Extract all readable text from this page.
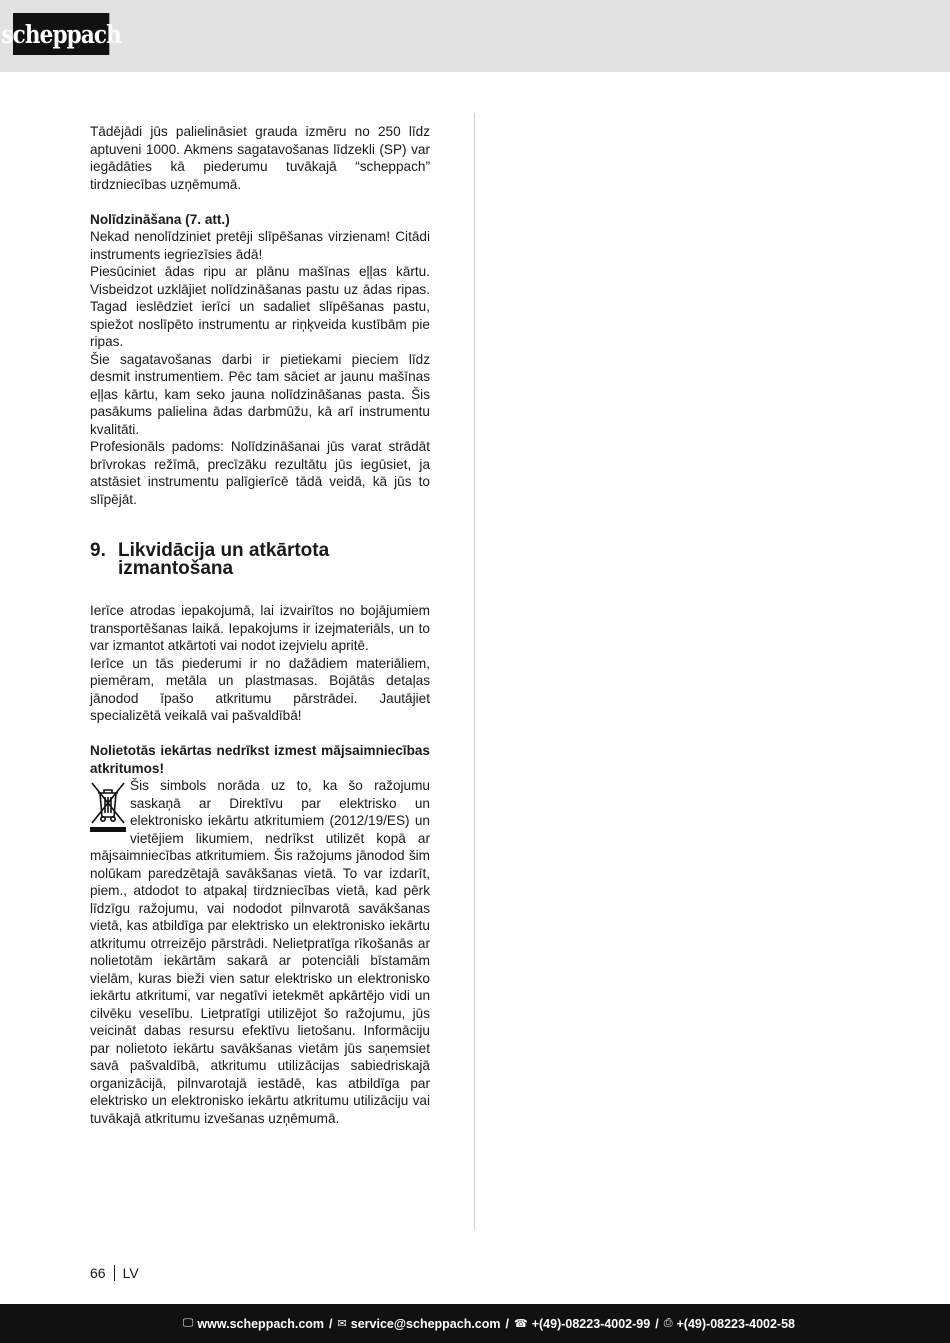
scheppach

Tādējādi jūs palielināsiet grauda izmēru no 250 līdz aptuveni 1000. Akmens sagatavošanas līdzekli (SP) var iegādāties kā piederumu tuvākajā “scheppach” tirdzniecības uzņēmumā.

Nolīdzināšana (7. att.)

Nekad nenolīdziniet pretēji slīpēšanas virzienam! Citādi instruments iegriezīsies ādā!

Piesūciniet ādas ripu ar plānu mašīnas eļļas kārtu. Visbeidzot uzklājiet nolīdzināšanas pastu uz ādas ripas. Tagad ieslēdziet ierīci un sadaliet slīpēšanas pastu, spiežot noslīpēto instrumentu ar riņķveida kustībām pie ripas.

Šie sagatavošanas darbi ir pietiekami pieciem līdz desmit instrumentiem. Pēc tam sāciet ar jaunu mašīnas eļļas kārtu, kam seko jauna nolīdzināšanas pasta. Šis pasākums palielina ādas darbmūžu, kā arī instrumentu kvalitāti.

Profesionāls padoms: Nolīdzināšanai jūs varat strādāt brīvrokas režīmā, precīzāku rezultātu jūs iegūsiet, ja atstāsiet instrumentu palīgierīcē tādā veidā, kā jūs to slīpējāt.

9. Likvidācija un atkārtota izmantošana

Ierīce atrodas iepakojumā, lai izvairītos no bojājumiem transportēšanas laikā. Iepakojums ir izejmateriāls, un to var izmantot atkārtoti vai nodot izejvielu apritē.

Ierīce un tās piederumi ir no dažādiem materiāliem, piemēram, metāla un plastmasas. Bojātās detaļas jānodod īpašo atkritumu pārstrādei. Jautājiet specializētā veikalā vai pašvaldībā!

Nolietotās iekārtas nedrīkst izmest mājsaimniecības atkritumos!

Šis simbols norāda uz to, ka šo ražojumu saskaņā ar Direktīvu par elektrisko un elektronisko iekārtu atkritumiem (2012/19/ES) un vietējiem likumiem, nedrīkst utilizēt kopā ar mājsaimniecības atkritumiem. Šis ražojums jānodod šim nolūkam paredzētajā savākšanas vietā. To var izdarīt, piem., atdodot to atpakaļ tirdzniecības vietā, kad pērk līdzīgu ražojumu, vai nododot pilnvarotā savākšanas vietā, kas atbildīga par elektrisko un elektronisko iekārtu atkritumu otrreizējo pārstrādi. Nelietpratīga rīkošanās ar nolietotām iekārtām sakarā ar potenciāli bīstamām vielām, kuras bieži vien satur elektrisko un elektronisko iekārtu atkritumi, var negatīvi ietekmēt apkārtējo vidi un cilvēku veselību. Lietpratīgi utilizējot šo ražojumu, jūs veicināt dabas resursu efektīvu lietošanu. Informāciju par nolietoto iekārtu savākšanas vietām jūs saņemsiet savā pašvaldībā, atkritumu utilizācijas sabiedriskajā organizācijā, pilnvarotajā iestādē, kas atbildīga par elektrisko un elektronisko iekārtu atkritumu utilizāciju vai tuvākajā atkritumu izvešanas uzņēmumā.

66 LV
🖵︎ www.scheppach.com / ✉︎ service@scheppach.com / ☎︎ +(49)-08223-4002-99 / ⎙︎ +(49)-08223-4002-58
